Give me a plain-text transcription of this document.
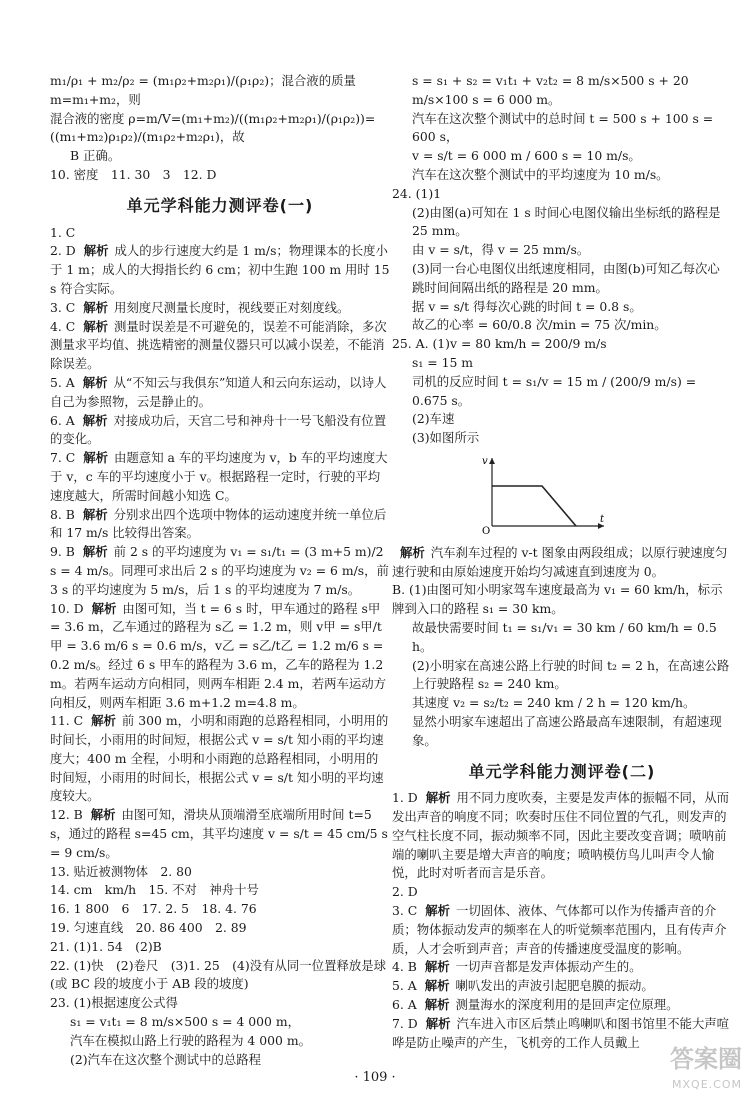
m₁/ρ₁ + m₂/ρ₂ = (m₁ρ₂+m₂ρ₁)/(ρ₁ρ₂)；混合液的质量 m=m₁+m₂，则

混合液的密度 ρ=m/V=(m₁+m₂)/((m₁ρ₂+m₂ρ₁)/(ρ₁ρ₂))=((m₁+m₂)ρ₁ρ₂)/(m₁ρ₂+m₂ρ₁)，故

B 正确。

10. 密度　11. 30　3　12. D

单元学科能力测评卷(一)

1. C

2. D 解析 成人的步行速度大约是 1 m/s；物理课本的长度小于 1 m；成人的大拇指长约 6 cm；初中生跑 100 m 用时 15 s 符合实际。

3. C 解析 用刻度尺测量长度时，视线要正对刻度线。

4. C 解析 测量时误差是不可避免的，误差不可能消除，多次测量求平均值、挑选精密的测量仪器只可以减小误差，不能消除误差。

5. A 解析 从“不知云与我俱东”知道人和云向东运动，以诗人自己为参照物，云是静止的。

6. A 解析 对接成功后，天宫二号和神舟十一号飞船没有位置的变化。

7. C 解析 由题意知 a 车的平均速度为 v，b 车的平均速度大于 v，c 车的平均速度小于 v。根据路程一定时，行驶的平均速度越大，所需时间越小知选 C。

8. B 解析 分别求出四个选项中物体的运动速度并统一单位后和 17 m/s 比较得出答案。

9. B 解析 前 2 s 的平均速度为 v₁ = s₁/t₁ = (3 m+5 m)/2 s = 4 m/s。同理可求出后 2 s 的平均速度为 v₂ = 6 m/s，前 3 s 的平均速度为 5 m/s，后 1 s 的平均速度为 7 m/s。

10. D 解析 由图可知，当 t = 6 s 时，甲车通过的路程 s甲 = 3.6 m，乙车通过的路程为 s乙 = 1.2 m，则 v甲 = s甲/t甲 = 3.6 m/6 s = 0.6 m/s，v乙 = s乙/t乙 = 1.2 m/6 s = 0.2 m/s。经过 6 s 甲车的路程为 3.6 m，乙车的路程为 1.2 m。若两车运动方向相同，则两车相距 2.4 m，若两车运动方向相反，则两车相距 3.6 m+1.2 m=4.8 m。

11. C 解析 前 300 m，小明和雨跑的总路程相同，小明用的时间长，小雨用的时间短，根据公式 v = s/t 知小雨的平均速度大；400 m 全程，小明和小雨跑的总路程相同，小明用的时间短，小雨用的时间长，根据公式 v = s/t 知小明的平均速度较大。

12. B 解析 由图可知，滑块从顶端滑至底端所用时间 t=5 s，通过的路程 s=45 cm，其平均速度 v = s/t = 45 cm/5 s = 9 cm/s。

13. 贴近被测物体　2. 80

14. cm　km/h　15. 不对　神舟十号

16. 1 800　6　17. 2. 5　18. 4. 76

19. 匀速直线　20. 86 400　2. 89

21. (1)1. 54　(2)B

22. (1)快　(2)卷尺　(3)1. 25　(4)没有从同一位置释放是球(或 BC 段的坡度小于 AB 段的坡度)

23. (1)根据速度公式得

s₁ = v₁t₁ = 8 m/s×500 s = 4 000 m，

汽车在模拟山路上行驶的路程为 4 000 m。

(2)汽车在这次整个测试中的总路程

s = s₁ + s₂ = v₁t₁ + v₂t₂ = 8 m/s×500 s + 20 m/s×100 s = 6 000 m。

汽车在这次整个测试中的总时间 t = 500 s + 100 s = 600 s，

v = s/t = 6 000 m / 600 s = 10 m/s。

汽车在这次整个测试中的平均速度为 10 m/s。

24. (1)1

(2)由图(a)可知在 1 s 时间心电图仪输出坐标纸的路程是 25 mm。

由 v = s/t，得 v = 25 mm/s。

(3)同一台心电图仪出纸速度相同，由图(b)可知乙每次心跳时间间隔出纸的路程是 20 mm。

据 v = s/t 得每次心跳的时间 t = 0.8 s。

故乙的心率 = 60/0.8 次/min = 75 次/min。

25. A. (1)v = 80 km/h = 200/9 m/s

s₁ = 15 m

司机的反应时间 t = s₁/v = 15 m / (200/9 m/s) = 0.675 s。

(2)车速

(3)如图所示

v
O
t

解析 汽车刹车过程的 v-t 图象由两段组成；以原行驶速度匀速行驶和由原始速度开始均匀减速直到速度为 0。

B. (1)由图可知小明家驾车速度最高为 v₁ = 60 km/h，标示牌到入口的路程 s₁ = 30 km。

故最快需要时间 t₁ = s₁/v₁ = 30 km / 60 km/h = 0.5 h。

(2)小明家在高速公路上行驶的时间 t₂ = 2 h，在高速公路上行驶路程 s₂ = 240 km。

其速度 v₂ = s₂/t₂ = 240 km / 2 h = 120 km/h。

显然小明家车速超出了高速公路最高车速限制，有超速现象。

单元学科能力测评卷(二)

1. D 解析 用不同力度吹奏，主要是发声体的振幅不同，从而发出声音的响度不同；吹奏时压住不同位置的气孔，则发声的空气柱长度不同，振动频率不同，因此主要改变音调；喷呐前端的喇叭主要是增大声音的响度；喷呐模仿鸟儿叫声令人愉悦，此时对听者而言是乐音。

2. D

3. C 解析 一切固体、液体、气体都可以作为传播声音的介质；物体振动发声的频率在人的听觉频率范围内，且有传声介质，人才会听到声音；声音的传播速度受温度的影响。

4. B 解析 一切声音都是发声体振动产生的。

5. A 解析 喇叭发出的声波引起肥皂膜的振动。

6. A 解析 测量海水的深度利用的是回声定位原理。

7. D 解析 汽车进入市区后禁止鸣喇叭和图书馆里不能大声喧哗是防止噪声的产生，飞机旁的工作人员戴上

· 109 ·
答案圈
MXQE.COM
